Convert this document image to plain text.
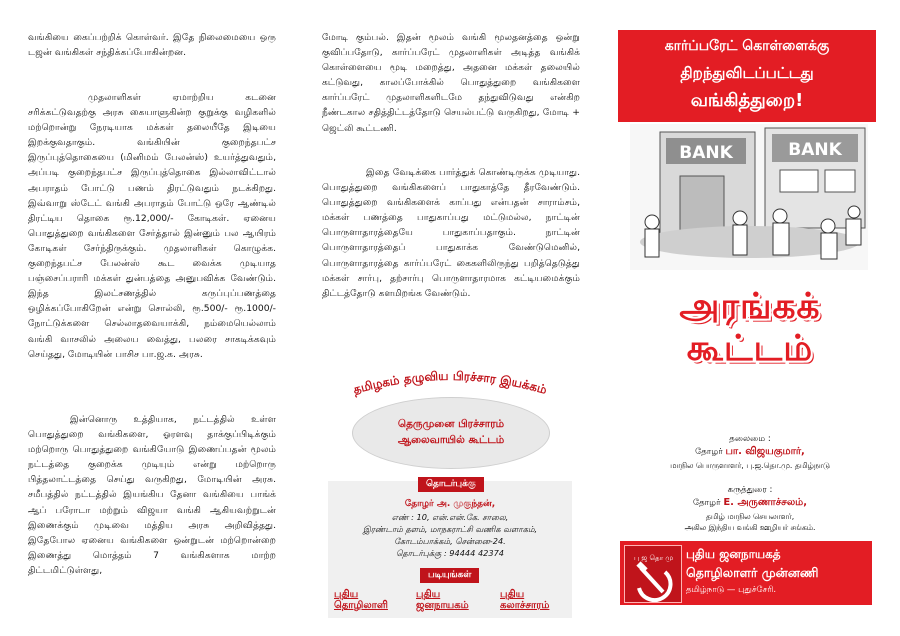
வங்கியை கைப்பற்றிக் கொள்வர். இதே நிலைமையை ஒரு டஜன் வங்கிகள் சந்திக்கப்போகின்றன.

முதலாளிகள் ஏமாற்றிய கடனை சரிக்கட்டுவதற்கு அரசு கையாளுகின்ற குறுக்கு வழிகளில் மற்றொன்று நேரடியாக மக்கள் தலையீதே இடியை இறக்குவதாகும். வங்கியின் குறைந்தபட்ச இருப்புத்தொகையை (மினிமம் பேலன்ஸ்) உயர்த்துவதும், அப்படி குறைந்தபட்ச இருப்புத்தொகை இல்லாவிட்டால் அபராதம் போட்டு பணம் திரட்டுவதும் நடக்கிறது. இவ்வாறு ஸ்டேட் வங்கி அபராதம் போட்டு ஒரே ஆண்டில் திரட்டிய தொகை ரூ.12,000/- கோடிகள். ஏனைய பொதுத்துறை வங்கிகளை சேர்த்தால் இன்னும் பல ஆயிரம் கோடிகள் சேர்ந்திருக்கும். முதலாளிகள் கொழுக்க. குறைந்தபட்ச பேலன்ஸ் கூட வைக்க முடியாத பஞ்சைப்பராரி மக்கள் துன்பத்தை அனுபவிக்க வேண்டும். இந்த இலட்சணத்தில் கருப்புப்பணத்தை ஒழிக்கப்போகிறேன் என்று சொல்லி, ரூ.500/- ரூ.1000/- நோட்டுக்களை செல்லாதவையாக்கி, நம்மையெல்லாம் வங்கி வாசலில் அலைய வைத்து, பலரை சாகடிக்கவும் செய்தது, மோடியின் பாசிச பா.ஜ.க. அரசு.

இன்னொரு உத்தியாக, நட்டத்தில் உள்ள பொதுத்துறை வங்கிகளை, ஓரளவு தாக்குப்பிடிக்கும் மற்றொரு பொதுத்துறை வங்கியோடு இணைப்பதன் மூலம் நட்டத்தை குறைக்க முடியும் என்று மற்றொரு பித்தலாட்டத்தை செய்து வருகிறது, மோடியின் அரசு. சமீபத்தில் நட்டத்தில் இயங்கிய தேனா வங்கியை பாங்க் ஆப் பரோடா மற்றும் விஜயா வங்கி ஆகியவற்றுடன் இணைக்கும் முடிவை மத்திய அரசு அறிவித்தது. இதேபோல ஏனைய வங்கிகளை ஒன்றுடன் மற்றொன்றை இணைத்து மொத்தம் 7 வங்கிகளாக மாற்ற திட்டமிட்டுள்ளது,

மோடி கும்பல். இதன் மூலம் வங்கி மூலதனத்தை ஒன்று குவிப்பதோடு, கார்ப்பரேட் முதலாளிகள் அடித்த வங்கிக் கொள்ளையை மூடி மறைத்து, அதனை மக்கள் தலையில் கட்டுவது, காலப்போக்கில் பொதுத்துறை வங்கிகளை கார்ப்பரேட் முதலாளிகளிடமே தந்துவிடுவது என்கிற நீண்டகால சதித்திட்டத்தோடு செயல்பட்டு வருகிறது, மோடி + ஜெட்லி கூட்டணி.

இதை வேடிக்கை பார்த்துக் கொண்டிருக்க முடியாது. பொதுத்துறை வங்கிகளைப் பாதுகாத்தே தீரவேண்டும். பொதுத்துறை வங்கிகளைக் காப்பது என்பதன் சாராம்சம், மக்கள் பணத்தை பாதுகாப்பது மட்டுமல்ல, நாட்டின் பொருளாதாரத்தையே பாதுகாப்பதாகும். நாட்டின் பொருளாதாரத்தைப் பாதுகாக்க வேண்டுமெனில், பொருளாதாரத்தை கார்ப்பரேட் கைகளிலிருந்து பறித்தெடுத்து மக்கள் சார்பு, தற்சார்பு பொருளாதாரமாக கட்டியமைக்கும் திட்டத்தோடு களமிறங்க வேண்டும்.

தமிழகம் தழுவிய பிரச்சார இயக்கம்
தெருமுனை பிரச்சாரம்
ஆலைவாயில் கூட்டம்
தொடர்புக்கு
தோழர் அ. முகுந்தன்,
எண் : 10, என்.என்.கே. சாலை,
இரண்டாம் தளம், மாநகராட்சி வணிக வளாகம்,
கோடம்பாக்கம், சென்னை-24.
தொடர்புக்கு : 94444 42374
படியுங்கள்
புதிய தொழிலாளி
புதிய ஜனநாயகம்
புதிய கலாச்சாரம்
கார்ப்பரேட் கொள்ளைக்கு
திறந்துவிடப்பட்டது
வங்கித்துறை!
BANK	BANK
அரங்கக்
கூட்டம்
தலைமை :
தோழர் பா. விஜயகுமார்,
மாநில பொருளாளர், பு.ஜ.தொ.மு. தமிழ்நாடு
கருத்துரை :
தோழர் E. அருணாச்சலம்,
தமிழ் மாநில செயலாளர்,
அகில இந்திய வங்கி ஊழியர் சங்கம்.
பு ஜ தொ மு புதிய ஜனநாயகத்
தொழிலாளர் முன்னணி
தமிழ்நாடு — புதுச்சேரி.
